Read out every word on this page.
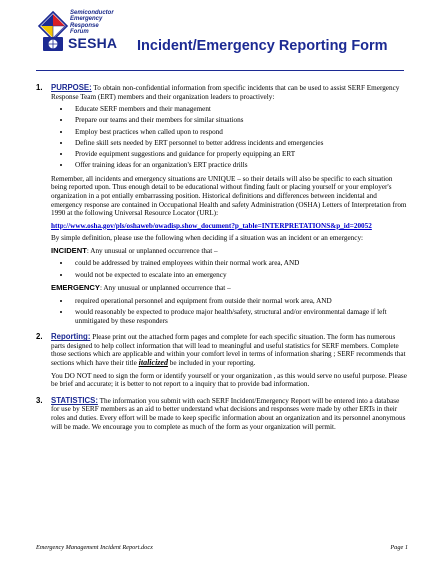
Semiconductor
Emergency
Response
Forum
SESHA Incident/Emergency Reporting Form
1. PURPOSE: To obtain non-confidential information from specific incidents that can be used to assist SERF Emergency Response Team (ERT) members and their organization leaders to proactively:

• Educate SERF members and their management
• Prepare our teams and their members for similar situations
• Employ best practices when called upon to respond
• Define skill sets needed by ERT personnel to better address incidents and emergencies
• Provide equipment suggestions and guidance for properly equipping an ERT
• Offer training ideas for an organization's ERT practice drills

Remember, all incidents and emergency situations are UNIQUE – so their details will also be specific to each situation being reported upon. Thus enough detail to be educational without finding fault or placing yourself or your employer's organization in a pot entially embarrassing position. Historical definitions and differences between incidental and emergency response are contained in Occupational Health and safety Administration (OSHA) Letters of Interpretation from 1990 at the following Universal Resource Locator (URL):

http://www.osha.gov/pls/oshaweb/owadisp.show_document?p_table=INTERPRETATIONS&p_id=20052

By simple definition, please use the following when deciding if a situation was an incident or an emergency:

INCIDENT: Any unusual or unplanned occurrence that –

• could be addressed by trained employees within their normal work area, AND
• would not be expected to escalate into an emergency

EMERGENCY: Any unusual or unplanned occurrence that –

• required operational personnel and equipment from outside their normal work area, AND
• would reasonably be expected to produce major health/safety, structural and/or environmental damage if left unmitigated by these responders
2. Reporting: Please print out the attached form pages and complete for each specific situation. The form has numerous parts designed to help collect information that will lead to meaningful and useful statistics for SERF members. Complete those sections which are applicable and within your comfort level in terms of information sharing ; SERF recommends that sections which have their title italicized be included in your reporting.

You DO NOT need to sign the form or identify yourself or your organization , as this would serve no useful purpose. Please be brief and accurate; it is better to not report to a inquiry that to provide bad information.

3. STATISTICS: The information you submit with each SERF Incident/Emergency Report will be entered into a database for use by SERF members as an aid to better understand what decisions and responses were made by other ERTs in their roles and duties. Every effort will be made to keep specific information about an organization and its personnel anonymous will be made. We encourage you to complete as much of the form as your organization will permit.

Emergency Management Incident Report.docx	Page 1
